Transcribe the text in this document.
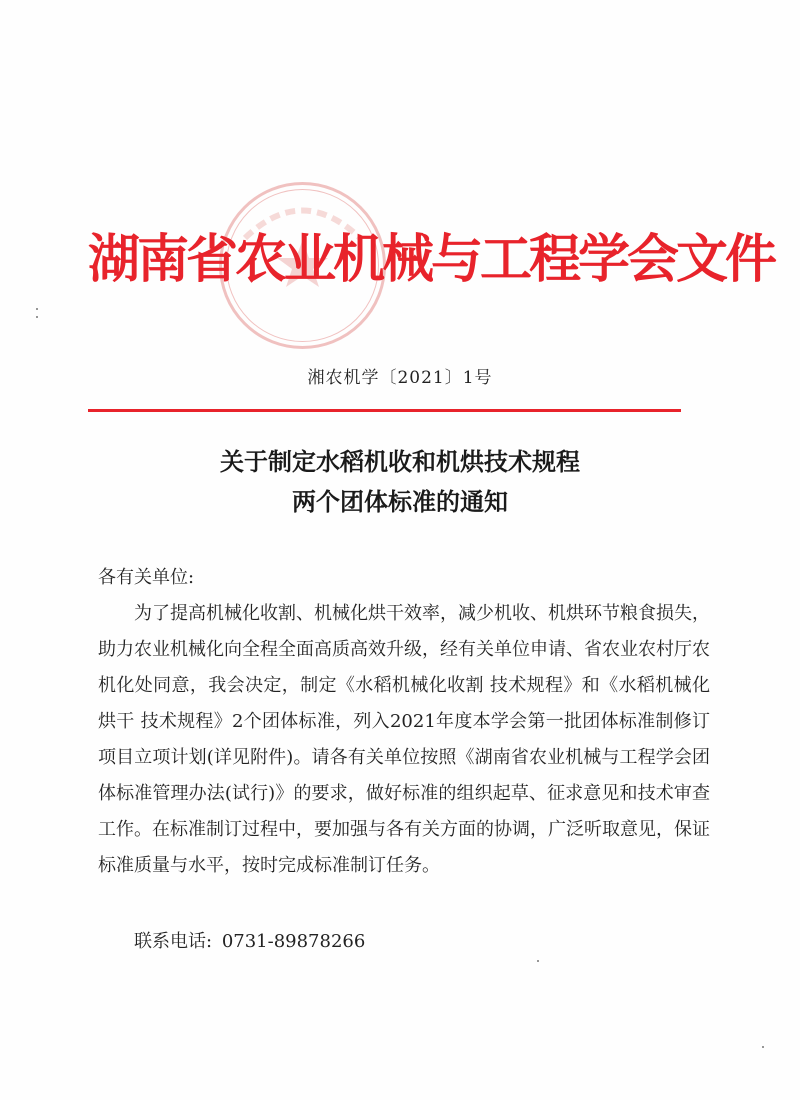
湖南省农业机械与工程学会文件
湘农机学〔2021〕1号
关于制定水稻机收和机烘技术规程
两个团体标准的通知
各有关单位:

为了提高机械化收割、机械化烘干效率，减少机收、机烘环节粮食损失，助力农业机械化向全程全面高质高效升级，经有关单位申请、省农业农村厅农机化处同意，我会决定，制定《水稻机械化收割 技术规程》和《水稻机械化烘干 技术规程》2个团体标准，列入2021年度本学会第一批团体标准制修订项目立项计划(详见附件)。请各有关单位按照《湖南省农业机械与工程学会团体标准管理办法(试行)》的要求，做好标准的组织起草、征求意见和技术审查工作。在标准制订过程中，要加强与各有关方面的协调，广泛听取意见，保证标准质量与水平，按时完成标准制订任务。

联系电话: 0731-89878266
